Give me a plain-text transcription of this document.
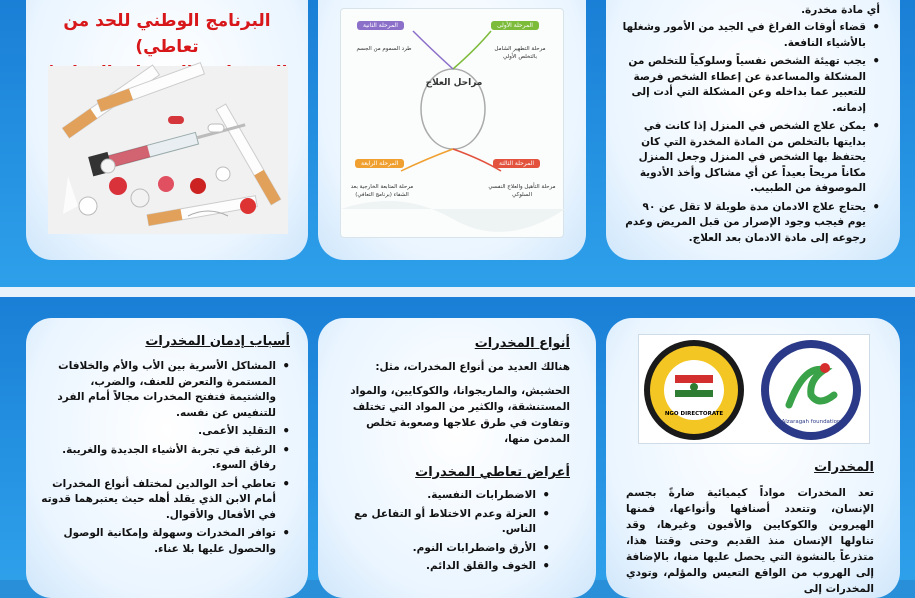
البرنامج الوطني للحد من تعاطي)
المرحلة الأولى
مرحلة التطهير الشامل بالتخلص الأولي
المرحلة الثانية
طرد السموم من الجسم
مراحل العلاج
المرحلة الثالثة
مرحلة التأهيل والعلاج النفسي السلوكي
المرحلة الرابعة
مرحلة المتابعة الخارجية بعد الشفاء (برنامج التعافي)
أي مادة مخدرة.
• قضاء أوقات الفراغ في الجيد من الأمور وشغلها بالأشياء النافعة.
• يجب تهيئة الشخص نفسياً وسلوكياً للتخلص من المشكلة والمساعدة عن إعطاء الشخص فرصة للتعبير عما بداخله وعن المشكلة التي أدت إلى إدمانه.
• يمكن علاج الشخص في المنزل إذا كانت في بدايتها بالتخلص من المادة المخدرة التي كان يحتفظ بها الشخص في المنزل وجعل المنزل مكاناً مريحاً بعيداً عن أي مشاكل وأخذ الأدوية الموصوفة من الطبيب.
• يحتاج علاج الادمان مدة طويلة لا تقل عن ٩٠ يوم فيجب وجود الإصرار من قبل المريض وعدم رجوعه إلى مادة الادمان بعد العلاج.
أسباب إدمان المخدرات
• المشاكل الأسرية بين الأب والأم والخلافات المستمرة والتعرض للعنف، والضرب، والشتيمة فتفتح المخدرات مجالاً أمام الفرد للتنفيس عن نفسه.
• التقليد الأعمى.
• الرغبة في تجربة الأشياء الجديدة والغريبة. رفاق السوء.
• تعاطي أحد الوالدين لمختلف أنواع المخدرات أمام الابن الذي يقلد أهله حيث يعتبرهما قدوته في الأفعال والأقوال.
• توافر المخدرات وسهولة وإمكانية الوصول والحصول عليها بلا عناء.
أنواع المخدرات
هنالك العديد من أنواع المخدرات، مثل:
الحشيش، والماريجوانا، والكوكايين، والمواد المستنشقة، والكثير من المواد التي تختلف وتفاوت في طرق علاجها وصعوبة تخلص المدمن منها،
أعراض تعاطي المخدرات
• الاضطرابات النفسية.
• العزلة وعدم الاختلاط أو التفاعل مع الناس.
• الأرق واضطرابات النوم.
• الخوف والقلق الدائم.
NGO DIRECTORATE
Alzaragah foundation
المخدرات
تعد المخدرات مواداً كيميائية ضارةً بجسم الإنسان، وتتعدد أصنافها وأنواعها، فمنها الهيروين والكوكايين والأفيون وغيرها، وقد تناولها الإنسان منذ القديم وحتى وقتنا هذا، متذرعاً بالنشوة التي يحصل عليها منها، بالإضافة إلى الهروب من الواقع التعيس والمؤلم، وتودي المخدرات إلى
